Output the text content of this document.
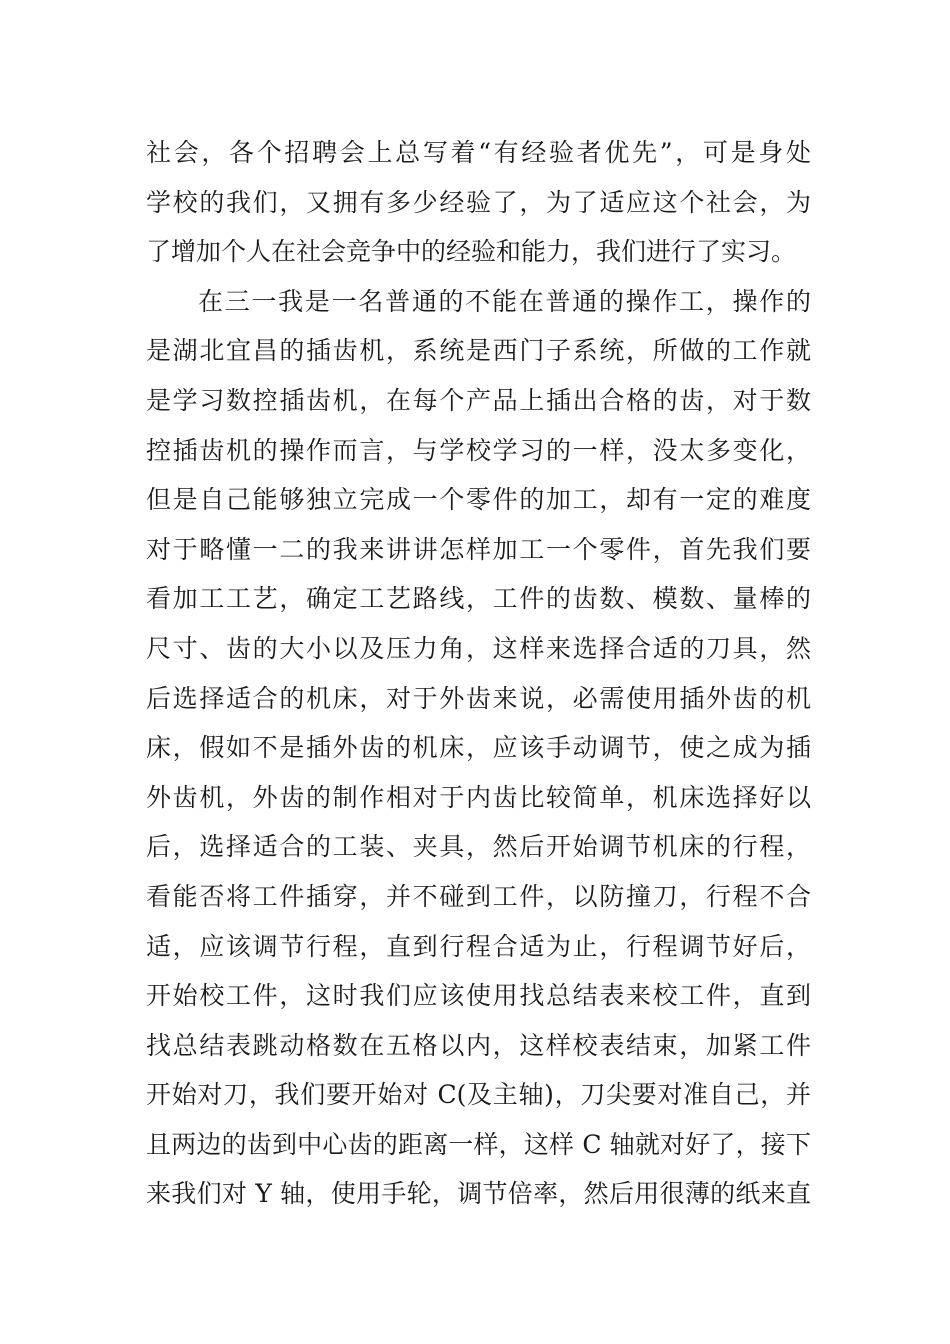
社会，各个招聘会上总写着“有经验者优先”，可是身处
学校的我们，又拥有多少经验了，为了适应这个社会，为
了增加个人在社会竞争中的经验和能力，我们进行了实习。
在三一我是一名普通的不能在普通的操作工，操作的
是湖北宜昌的插齿机，系统是西门子系统，所做的工作就
是学习数控插齿机，在每个产品上插出合格的齿，对于数
控插齿机的操作而言，与学校学习的一样，没太多变化，
但是自己能够独立完成一个零件的加工，却有一定的难度
对于略懂一二的我来讲讲怎样加工一个零件，首先我们要
看加工工艺，确定工艺路线，工件的齿数、模数、量棒的
尺寸、齿的大小以及压力角，这样来选择合适的刀具，然
后选择适合的机床，对于外齿来说，必需使用插外齿的机
床，假如不是插外齿的机床，应该手动调节，使之成为插
外齿机，外齿的制作相对于内齿比较简单，机床选择好以
后，选择适合的工装、夹具，然后开始调节机床的行程，
看能否将工件插穿，并不碰到工件，以防撞刀，行程不合
适，应该调节行程，直到行程合适为止，行程调节好后，
开始校工件，这时我们应该使用找总结表来校工件，直到
找总结表跳动格数在五格以内，这样校表结束，加紧工件
开始对刀，我们要开始对 C(及主轴)，刀尖要对准自己，并
且两边的齿到中心齿的距离一样，这样 C 轴就对好了，接下
来我们对 Y 轴，使用手轮，调节倍率，然后用很薄的纸来直
